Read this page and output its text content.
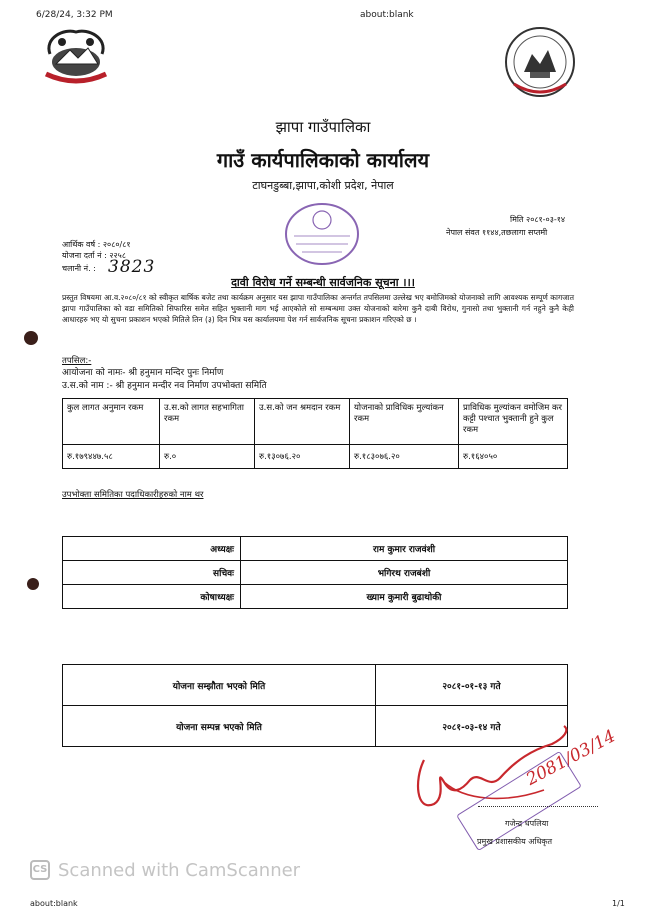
6/28/24, 3:32 PM	about:blank
झापा गाउँपालिका
गाउँ कार्यपालिकाको कार्यालय
टाघनडुब्बा,झापा,कोशी प्रदेश, नेपाल
मिति २०८१-०३-१४
नेपाल संवत ११४४,तछलागा सप्तमी
आर्थिक वर्ष : २०८०/८१
योजना दर्ता नं : २२५८
चलानी नं. : 3823
दावी विरोध गर्ने सम्बन्धी सार्वजनिक सूचना ।।।
प्रस्तुत विषयमा आ.व.२०८०/८१ को स्वीकृत बार्षिक बजेट तथा कार्यक्रम अनुसार यस झापा गाउँपालिका अन्तर्गत तपसिलमा उल्लेख भए बमोजिमको योजनाको लागि आवश्यक सम्पूर्ण कागजात झापा गाउँपालिका को वडा समितिको सिफारिस समेत सहित भुक्तानी माग भई आएकोले सो सम्बन्धमा उक्त योजनाको बारेमा कुनै दाबी विरोध, गुनासो तथा भुक्तानी गर्न नहुने कुनै केही आधारहरु भए यो सुचना प्रकाशन भएको मितिले तिन (३) दिन भित्र यस कार्यालयमा पेश गर्न सार्वजनिक सूचना प्रकाशन गरिएको छ ।
तपसिल:-
आयोजना को नामः- श्री हनुमान मन्दिर पुनः निर्माण
उ.स.को नाम :- श्री हनुमान मन्दीर नव निर्माण उपभोक्ता समिति
कुल लागत अनुमान रकम	उ.स.को लागत सहभागिता रकम	उ.स.को जन श्रमदान रकम	योजनाको प्राविधिक मुल्यांकन रकम	प्राविधिक मुल्यांकन वमोजिम कर कट्टी पश्चात भुक्तानी हुने कुल रकम
रु.१७९४४७.५८	रु.०	रु.१३०७६.२०	रु.१८३०७६.२०	रु.१६४०५०
उपभोक्ता समितिका पदाधिकारीहरुको नाम थर
अध्यक्षः	राम कुमार राजवंशी
सचिवः	भगिरथ राजबंशी
कोषाध्यक्षः	ख्याम कुमारी बुढाथोकी
योजना सम्झौता भएको मिति	२०८१-०१-१३ गते
योजना सम्पन्न भएको मिति	२०८१-०३-१४ गते 2081/03/14
गजेन्द्र धपलिया
प्रमुख प्रशासकीय अधिकृत
CS Scanned with CamScanner
about:blank	1/1
